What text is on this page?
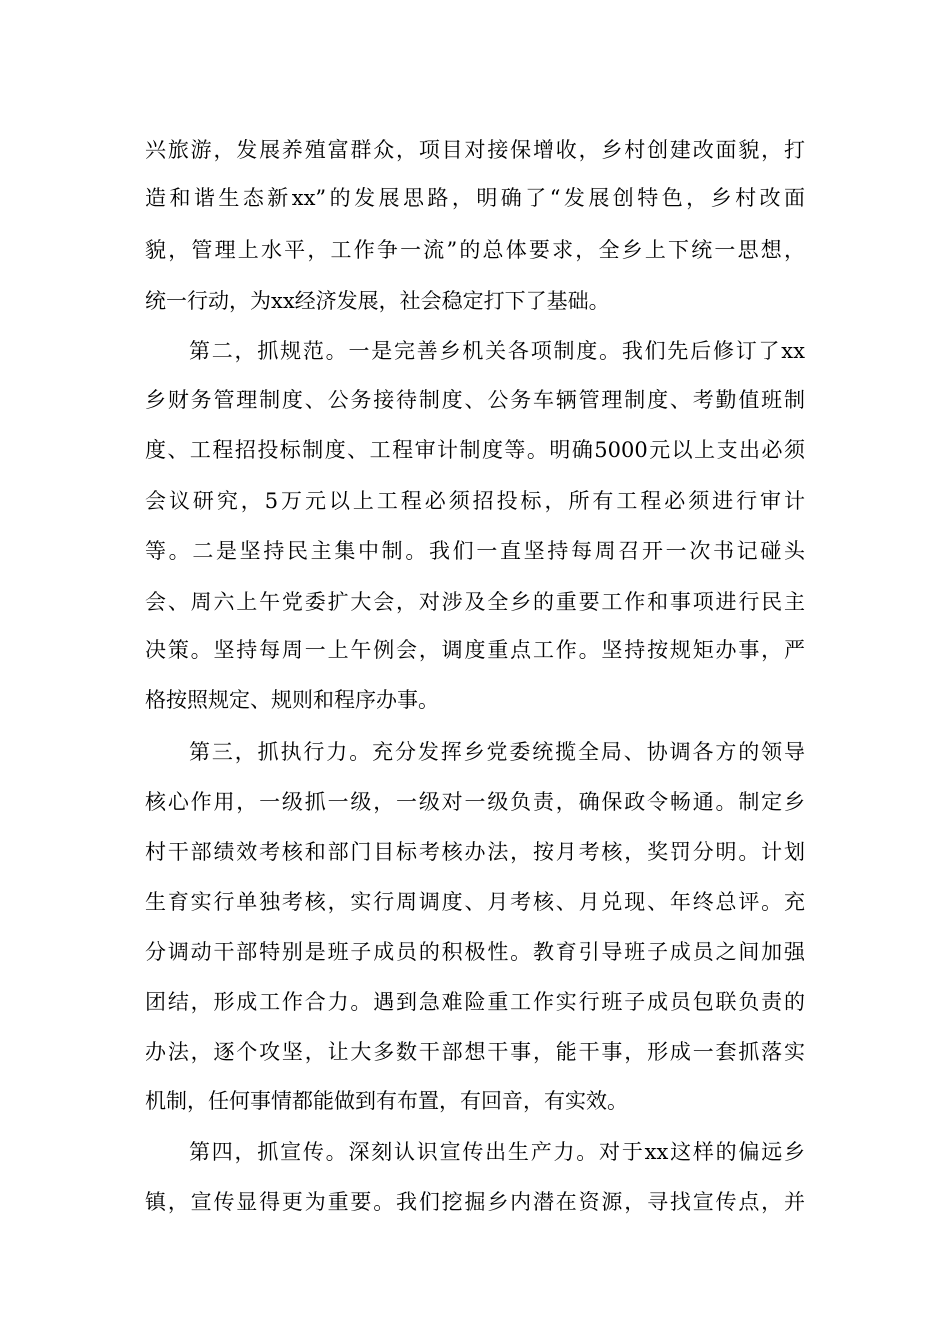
兴旅游，发展养殖富群众，项目对接保增收，乡村创建改面貌，打
造和谐生态新xx”的发展思路，明确了“发展创特色，乡村改面
貌，管理上水平，工作争一流”的总体要求，全乡上下统一思想，
统一行动，为xx经济发展，社会稳定打下了基础。
第二，抓规范。一是完善乡机关各项制度。我们先后修订了xx
乡财务管理制度、公务接待制度、公务车辆管理制度、考勤值班制
度、工程招投标制度、工程审计制度等。明确5000元以上支出必须
会议研究，5万元以上工程必须招投标，所有工程必须进行审计
等。二是坚持民主集中制。我们一直坚持每周召开一次书记碰头
会、周六上午党委扩大会，对涉及全乡的重要工作和事项进行民主
决策。坚持每周一上午例会，调度重点工作。坚持按规矩办事，严
格按照规定、规则和程序办事。
第三，抓执行力。充分发挥乡党委统揽全局、协调各方的领导
核心作用，一级抓一级，一级对一级负责，确保政令畅通。制定乡
村干部绩效考核和部门目标考核办法，按月考核，奖罚分明。计划
生育实行单独考核，实行周调度、月考核、月兑现、年终总评。充
分调动干部特别是班子成员的积极性。教育引导班子成员之间加强
团结，形成工作合力。遇到急难险重工作实行班子成员包联负责的
办法，逐个攻坚，让大多数干部想干事，能干事，形成一套抓落实
机制，任何事情都能做到有布置，有回音，有实效。
第四，抓宣传。深刻认识宣传出生产力。对于xx这样的偏远乡
镇，宣传显得更为重要。我们挖掘乡内潜在资源，寻找宣传点，并
